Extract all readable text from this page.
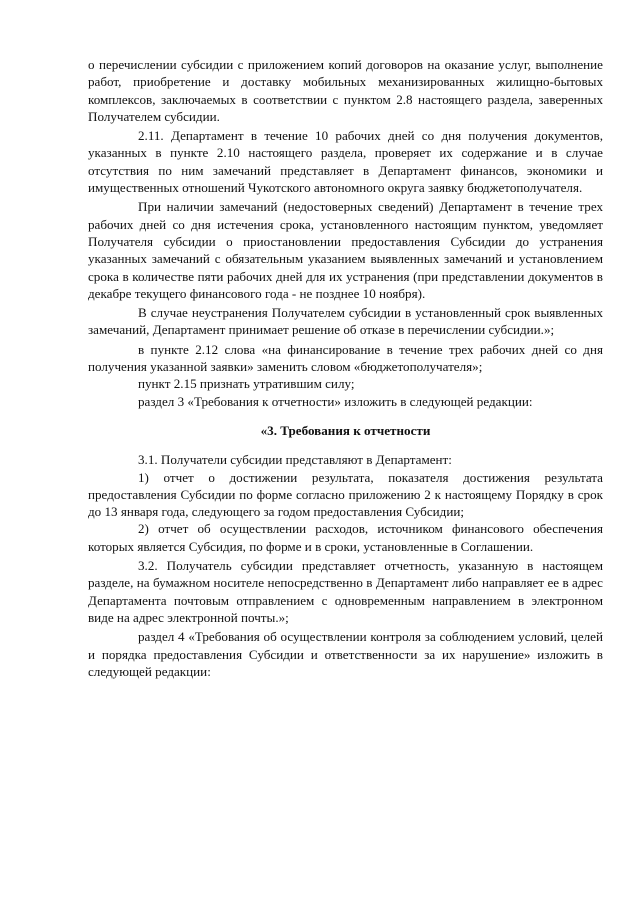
о перечислении субсидии с приложением копий договоров на оказание услуг, выполнение работ, приобретение и доставку мобильных механизированных жилищно-бытовых комплексов, заключаемых в соответствии с пунктом 2.8 настоящего раздела, заверенных Получателем субсидии.

2.11. Департамент в течение 10 рабочих дней со дня получения документов, указанных в пункте 2.10 настоящего раздела, проверяет их содержание и в случае отсутствия по ним замечаний представляет в Департамент финансов, экономики и имущественных отношений Чукотского автономного округа заявку бюджетополучателя.

При наличии замечаний (недостоверных сведений) Департамент в течение трех рабочих дней со дня истечения срока, установленного настоящим пунктом, уведомляет Получателя субсидии о приостановлении предоставления Субсидии до устранения указанных замечаний с обязательным указанием выявленных замечаний и установлением срока в количестве пяти рабочих дней для их устранения (при представлении документов в декабре текущего финансового года - не позднее 10 ноября).

В случае неустранения Получателем субсидии в установленный срок выявленных замечаний, Департамент принимает решение об отказе в перечислении субсидии.»;

в пункте 2.12 слова «на финансирование в течение трех рабочих дней со дня получения указанной заявки» заменить словом «бюджетополучателя»;

пункт 2.15 признать утратившим силу;

раздел 3 «Требования к отчетности» изложить в следующей редакции:

«3. Требования к отчетности

3.1. Получатели субсидии представляют в Департамент:

1) отчет о достижении результата, показателя достижения результата предоставления Субсидии по форме согласно приложению 2 к настоящему Порядку в срок до 13 января года, следующего за годом предоставления Субсидии;

2) отчет об осуществлении расходов, источником финансового обеспечения которых является Субсидия, по форме и в сроки, установленные в Соглашении.

3.2. Получатель субсидии представляет отчетность, указанную в настоящем разделе, на бумажном носителе непосредственно в Департамент либо направляет ее в адрес Департамента почтовым отправлением с одновременным направлением в электронном виде на адрес электронной почты.»;

раздел 4 «Требования об осуществлении контроля за соблюдением условий, целей и порядка предоставления Субсидии и ответственности за их нарушение» изложить в следующей редакции:
